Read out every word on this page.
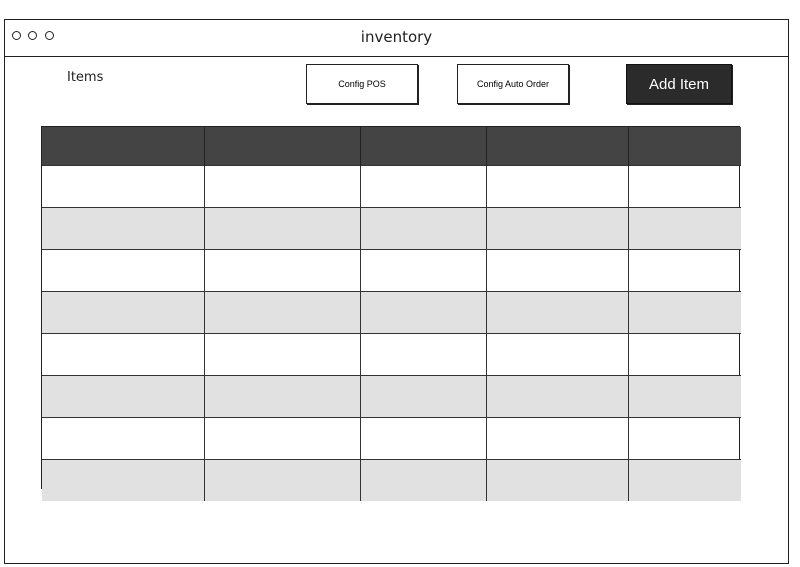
inventory
Items	Config POS	Config Auto Order	Add Item
